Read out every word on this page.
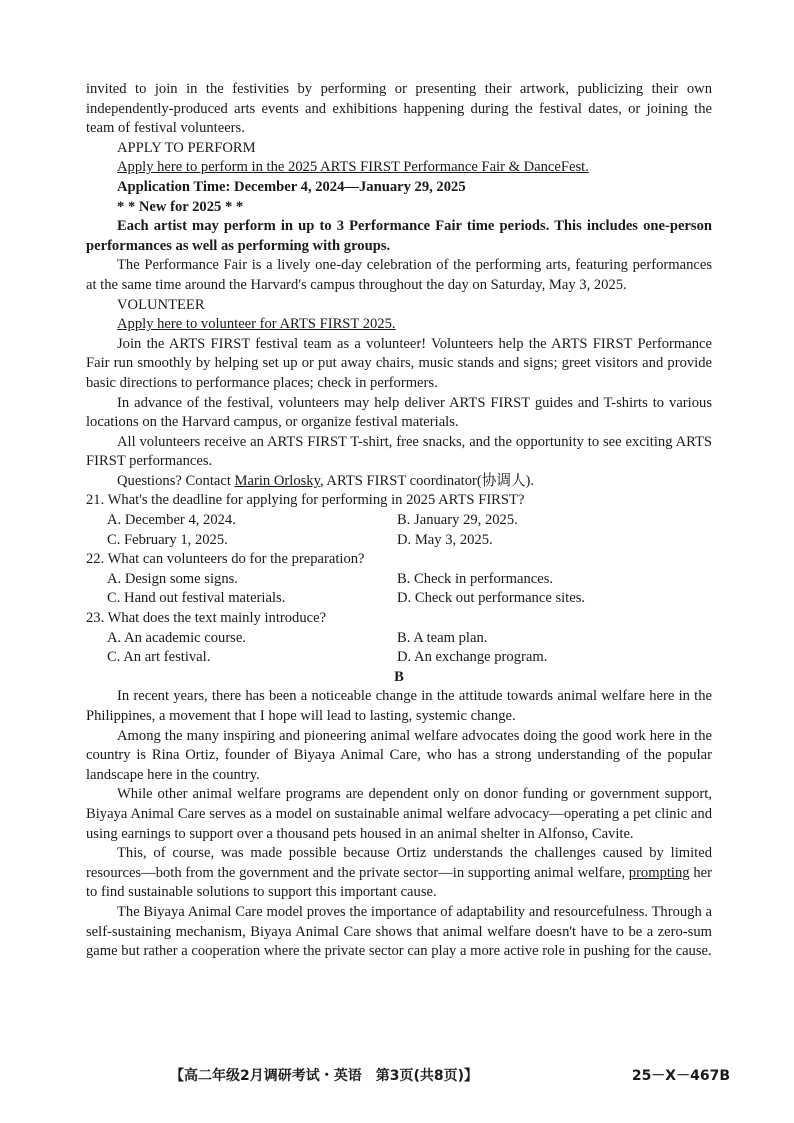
invited to join in the festivities by performing or presenting their artwork, publicizing their own independently-produced arts events and exhibitions happening during the festival dates, or joining the team of festival volunteers.

APPLY TO PERFORM

Apply here to perform in the 2025 ARTS FIRST Performance Fair & DanceFest.

Application Time: December 4, 2024—January 29, 2025

* * New for 2025 * *

Each artist may perform in up to 3 Performance Fair time periods. This includes one-person performances as well as performing with groups.

The Performance Fair is a lively one-day celebration of the performing arts, featuring performances at the same time around the Harvard's campus throughout the day on Saturday, May 3, 2025.

VOLUNTEER

Apply here to volunteer for ARTS FIRST 2025.

Join the ARTS FIRST festival team as a volunteer! Volunteers help the ARTS FIRST Performance Fair run smoothly by helping set up or put away chairs, music stands and signs; greet visitors and provide basic directions to performance places; check in performers.

In advance of the festival, volunteers may help deliver ARTS FIRST guides and T-shirts to various locations on the Harvard campus, or organize festival materials.

All volunteers receive an ARTS FIRST T-shirt, free snacks, and the opportunity to see exciting ARTS FIRST performances.

Questions? Contact Marin Orlosky, ARTS FIRST coordinator(协调人).

21. What's the deadline for applying for performing in 2025 ARTS FIRST?

A. December 4, 2024.	B. January 29, 2025.
C. February 1, 2025.	D. May 3, 2025.

22. What can volunteers do for the preparation?

A. Design some signs.	B. Check in performances.
C. Hand out festival materials.	D. Check out performance sites.

23. What does the text mainly introduce?

A. An academic course.	B. A team plan.
C. An art festival.	D. An exchange program.

B

In recent years, there has been a noticeable change in the attitude towards animal welfare here in the Philippines, a movement that I hope will lead to lasting, systemic change.

Among the many inspiring and pioneering animal welfare advocates doing the good work here in the country is Rina Ortiz, founder of Biyaya Animal Care, who has a strong understanding of the popular landscape here in the country.

While other animal welfare programs are dependent only on donor funding or government support, Biyaya Animal Care serves as a model on sustainable animal welfare advocacy—operating a pet clinic and using earnings to support over a thousand pets housed in an animal shelter in Alfonso, Cavite.

This, of course, was made possible because Ortiz understands the challenges caused by limited resources—both from the government and the private sector—in supporting animal welfare, prompting her to find sustainable solutions to support this important cause.

The Biyaya Animal Care model proves the importance of adaptability and resourcefulness. Through a self-sustaining mechanism, Biyaya Animal Care shows that animal welfare doesn't have to be a zero-sum game but rather a cooperation where the private sector can play a more active role in pushing for the cause.

【高二年级2月调研考试・英语　第3页(共8页)】	25－X－467B
